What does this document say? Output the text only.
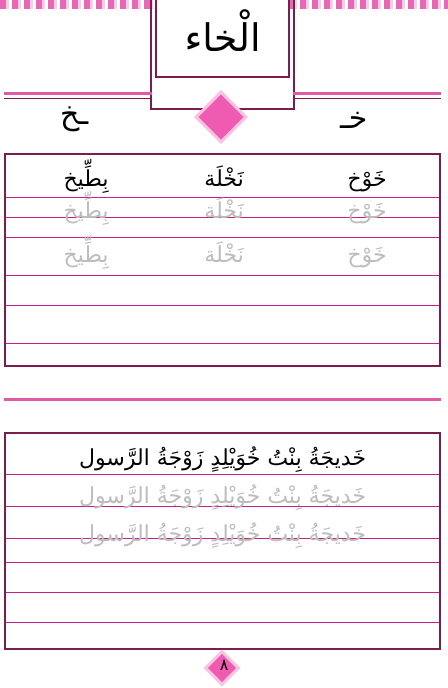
الْخاء
خـ
ـخ
خَوْخ
نَخْلَة
بِطِّيخ
خَوْخ
نَخْلَة
بِطِّيخ
خَوْخ
نَخْلَة
بِطِّيخ
خَديجَةُ بِنْتُ خُوَيْلِدٍ زَوْجَةُ الرَّسول
خَديجَةُ بِنْتُ خُوَيْلِدٍ زَوْجَةُ الرَّسول
خَديجَةُ بِنْتُ خُوَيْلِدٍ زَوْجَةُ الرَّسول
٨
